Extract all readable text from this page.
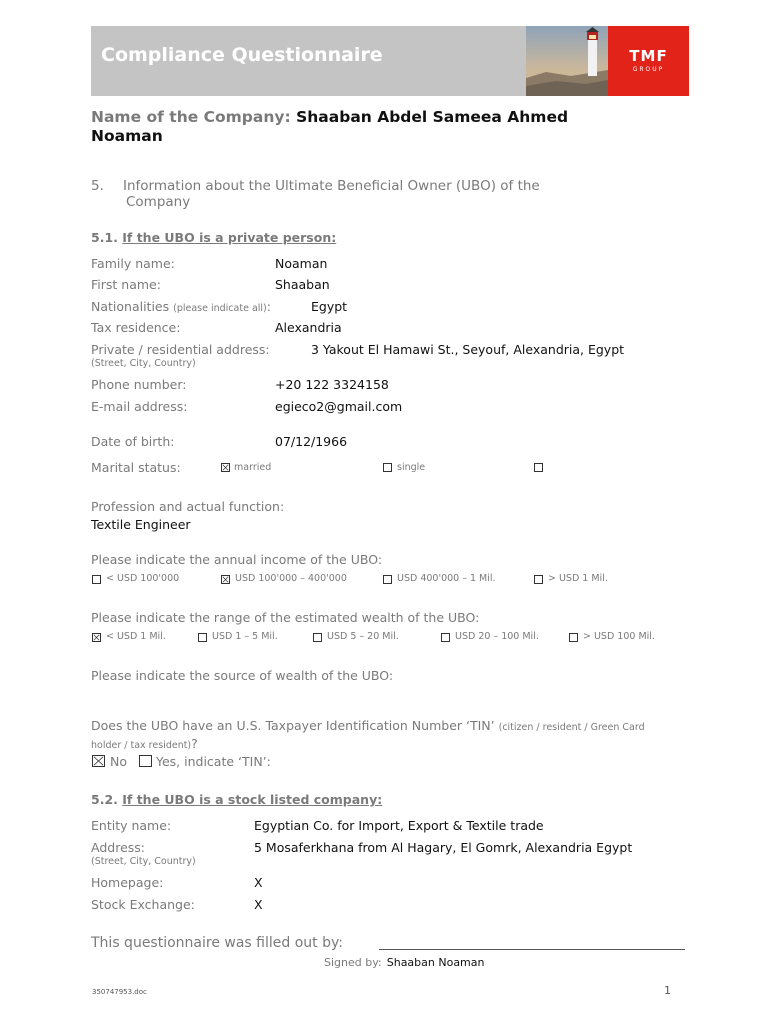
Compliance Questionnaire	TMF
GROUP
Name of the Company: Shaaban Abdel Sameea Ahmed
Noaman
5. Information about the Ultimate Beneficial Owner (UBO) of the
Company
5.1. If the UBO is a private person:
Family name:	Noaman
First name:	Shaaban
Nationalities (please indicate all):	Egypt
Tax residence:	Alexandria
Private / residential address:
(Street, City, Country)
3 Yakout El Hamawi St., Seyouf, Alexandria, Egypt
Phone number:	+20 122 3324158
E-mail address:	egieco2@gmail.com
Date of birth:	07/12/1966
Marital status:	married	single
Profession and actual function:
Textile Engineer
Please indicate the annual income of the UBO:
< USD 100'000	USD 100'000 – 400'000	USD 400'000 – 1 Mil.	> USD 1 Mil.
Please indicate the range of the estimated wealth of the UBO:
< USD 1 Mil.	USD 1 – 5 Mil.	USD 5 – 20 Mil.	USD 20 – 100 Mil.	> USD 100 Mil.
Please indicate the source of wealth of the UBO:
Does the UBO have an U.S. Taxpayer Identification Number ‘TIN’ (citizen / resident / Green Card
holder / tax resident)?
No Yes, indicate ‘TIN’:
5.2. If the UBO is a stock listed company:
Entity name:	Egyptian Co. for Import, Export & Textile trade
Address:
(Street, City, Country)
5 Mosaferkhana from Al Hagary, El Gomrk, Alexandria Egypt
Homepage:	X
Stock Exchange:	X
This questionnaire was filled out by:
Signed by: Shaaban Noaman
350747953.doc	1
